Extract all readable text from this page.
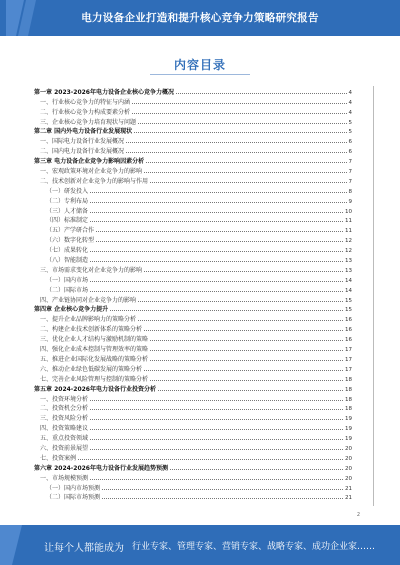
电力设备企业打造和提升核心竞争力策略研究报告
内容目录
第一章 2023-2026年电力设备企业核心竞争力概况	4
一、行业核心竞争力的特征与内涵	4
二、行业核心竞争力构成要素分析	4
三、企业核心竞争力培育现状与问题	5
第二章 国内外电力设备行业发展现状	5
一、国际电力设备行业发展概况	6
二、国内电力设备行业发展概况	6
第三章 电力设备企业竞争力影响因素分析	7
一、宏观政策环境对企业竞争力的影响	7
二、技术创新对企业竞争力的影响与作用	7
（一）研发投入	8
（二）专利布局	9
（三）人才储备	10
（四）标准制定	11
（五）产学研合作	11
（六）数字化转型	12
（七）成果转化	12
（八）智能制造	13
三、市场需求变化对企业竞争力的影响	13
（一）国内市场	14
（二）国际市场	14
四、产业链协同对企业竞争力的影响	15
第四章 企业核心竞争力提升	15
一、提升企业品牌影响力的策略分析	16
二、构建企业技术创新体系的策略分析	16
三、优化企业人才结构与激励机制的策略	16
四、强化企业成本控制与管理效率的策略	17
五、推进企业国际化发展战略的策略分析	17
六、推动企业绿色低碳发展的策略分析	17
七、完善企业风险管理与控制的策略分析	18
第五章 2024-2026年电力设备行业投资分析	18
一、投资环境分析	18
二、投资机会分析	18
三、投资风险分析	19
四、投资策略建议	19
五、重点投资领域	19
六、投资前景展望	20
七、投资案例	20
第六章 2024-2026年电力设备行业发展趋势预测	20
一、市场规模预测	20
（一）国内市场预测	21
（二）国际市场预测	21
2
让每个人都能成为 行业专家、管理专家、营销专家、战略专家、成功企业家……
